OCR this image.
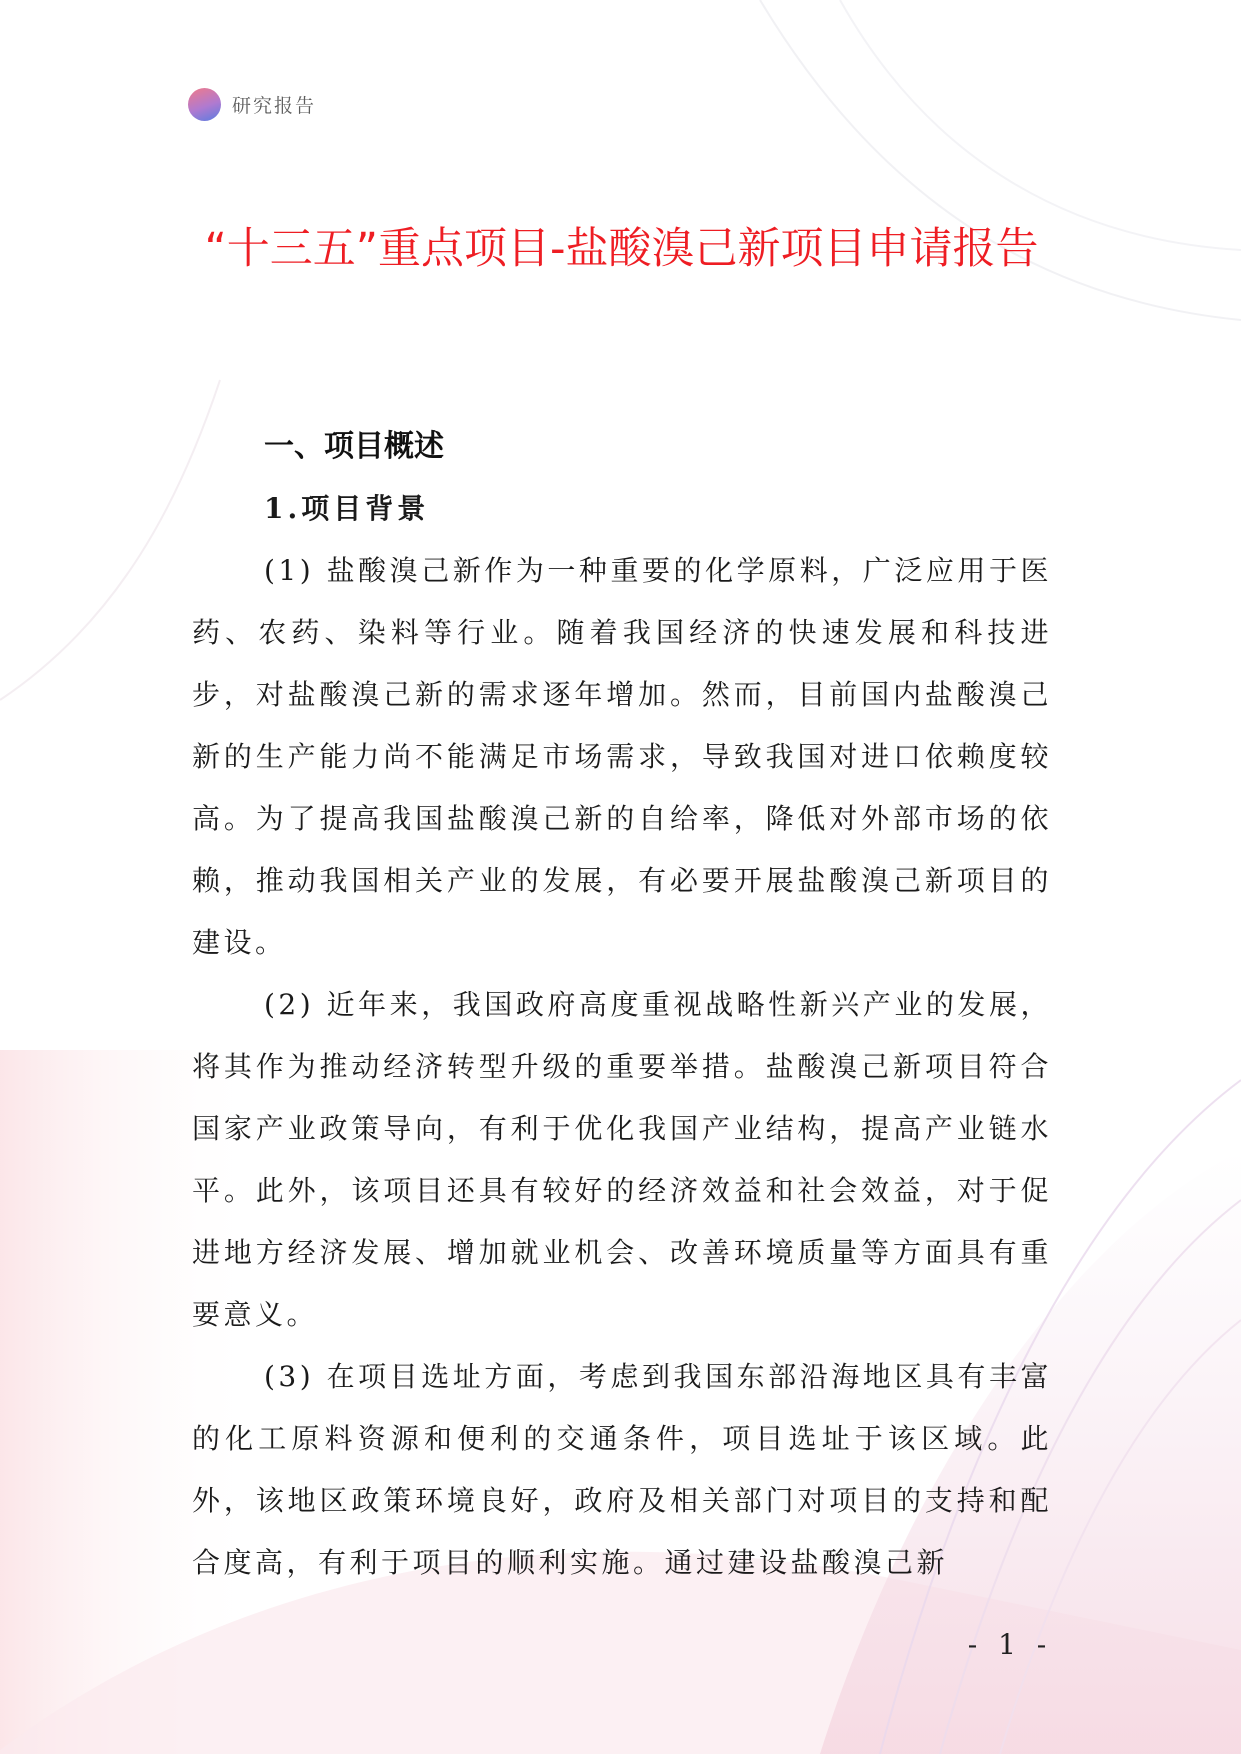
研究报告
“十三五”重点项目-盐酸溴己新项目申请报告
一、项目概述
1.项目背景

(1) 盐酸溴己新作为一种重要的化学原料，广泛应用于医药、农药、染料等行业。随着我国经济的快速发展和科技进步，对盐酸溴己新的需求逐年增加。然而，目前国内盐酸溴己新的生产能力尚不能满足市场需求，导致我国对进口依赖度较高。为了提高我国盐酸溴己新的自给率，降低对外部市场的依赖，推动我国相关产业的发展，有必要开展盐酸溴己新项目的建设。

(2) 近年来，我国政府高度重视战略性新兴产业的发展，将其作为推动经济转型升级的重要举措。盐酸溴己新项目符合国家产业政策导向，有利于优化我国产业结构，提高产业链水平。此外，该项目还具有较好的经济效益和社会效益，对于促进地方经济发展、增加就业机会、改善环境质量等方面具有重要意义。

(3) 在项目选址方面，考虑到我国东部沿海地区具有丰富的化工原料资源和便利的交通条件，项目选址于该区域。此外，该地区政策环境良好，政府及相关部门对项目的支持和配合度高，有利于项目的顺利实施。通过建设盐酸溴己新

- 1 -
